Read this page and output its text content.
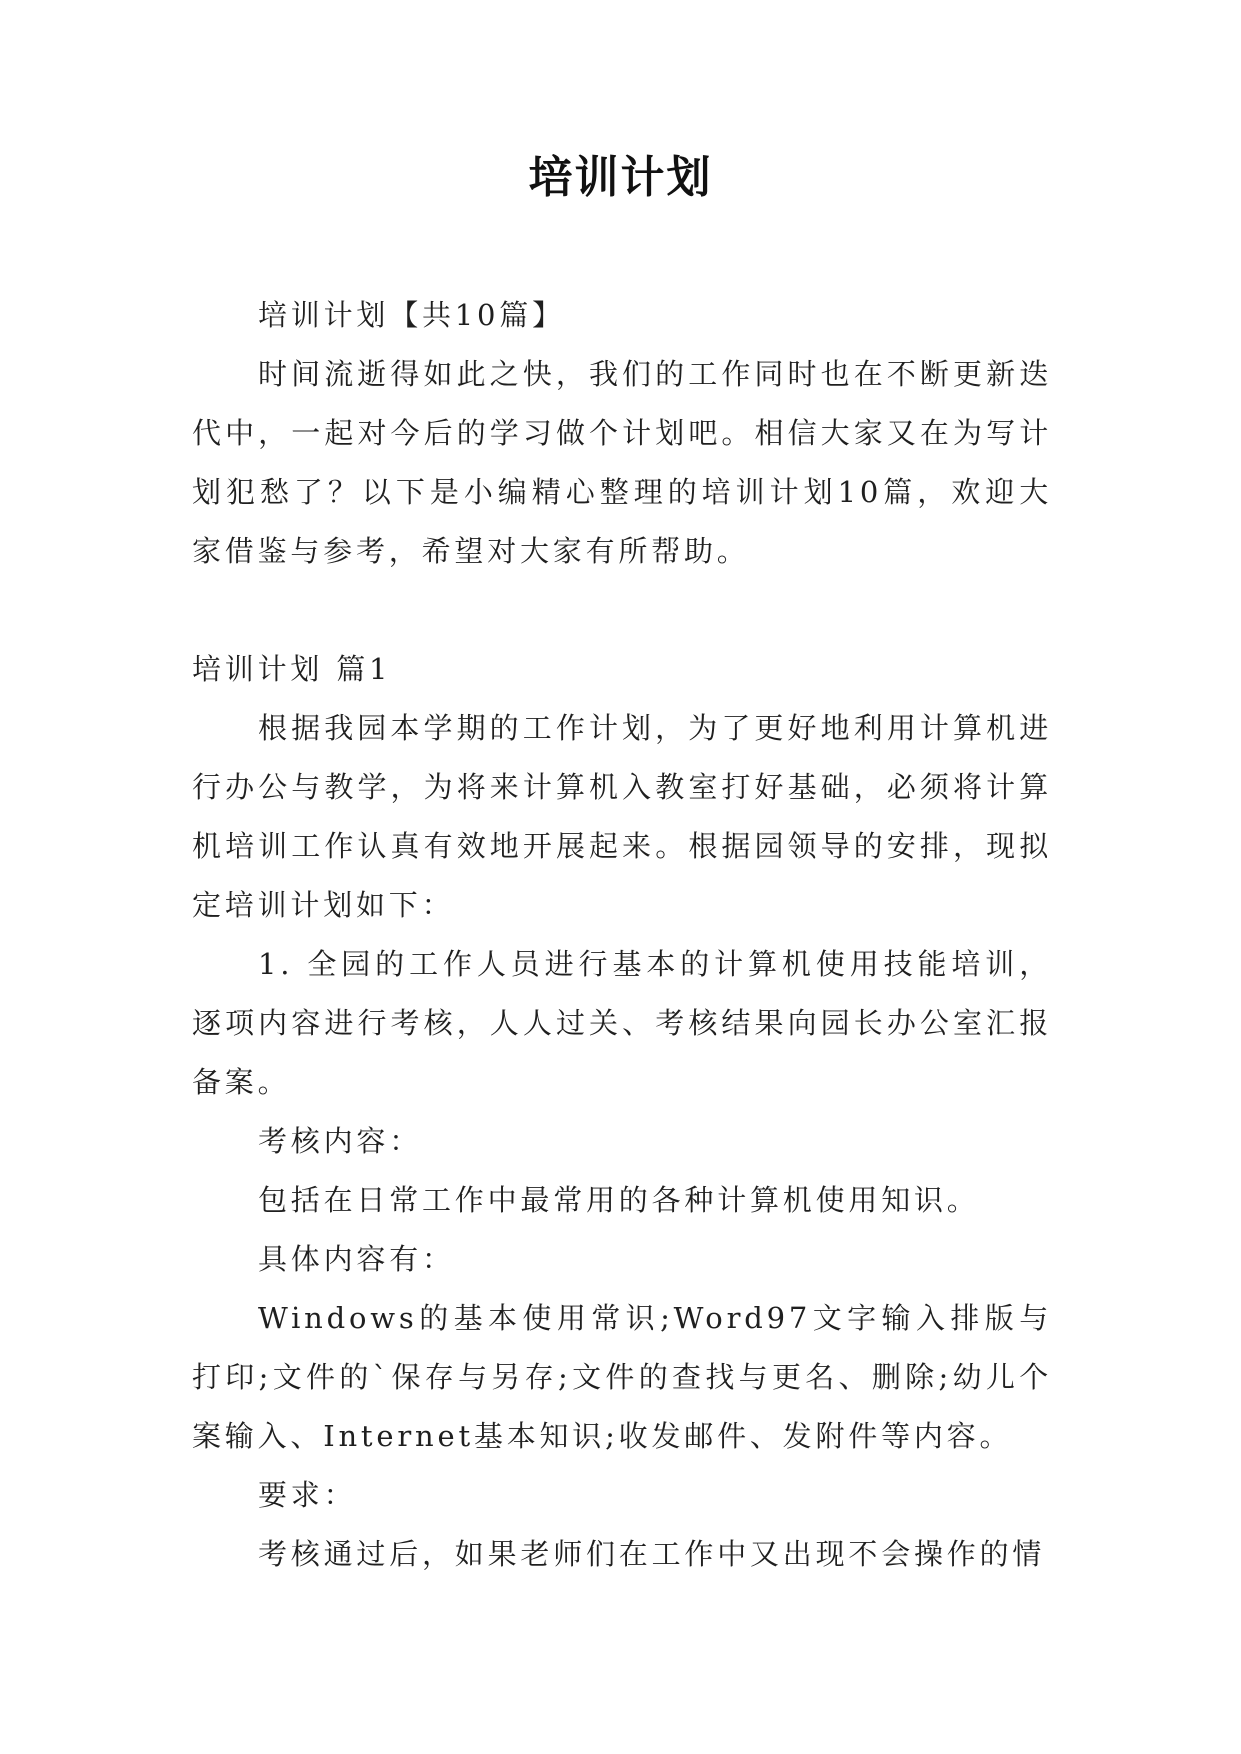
培训计划

培训计划【共10篇】

时间流逝得如此之快，我们的工作同时也在不断更新迭代中，一起对今后的学习做个计划吧。相信大家又在为写计划犯愁了？以下是小编精心整理的培训计划10篇，欢迎大家借鉴与参考，希望对大家有所帮助。

培训计划 篇1

根据我园本学期的工作计划，为了更好地利用计算机进行办公与教学，为将来计算机入教室打好基础，必须将计算机培训工作认真有效地开展起来。根据园领导的安排，现拟定培训计划如下：

1. 全园的工作人员进行基本的计算机使用技能培训，逐项内容进行考核，人人过关、考核结果向园长办公室汇报备案。

考核内容：

包括在日常工作中最常用的各种计算机使用知识。

具体内容有：

Windows的基本使用常识;Word97文字输入排版与打印;文件的`保存与另存;文件的查找与更名、删除;幼儿个案输入、Internet基本知识;收发邮件、发附件等内容。

要求：

考核通过后，如果老师们在工作中又出现不会操作的情
